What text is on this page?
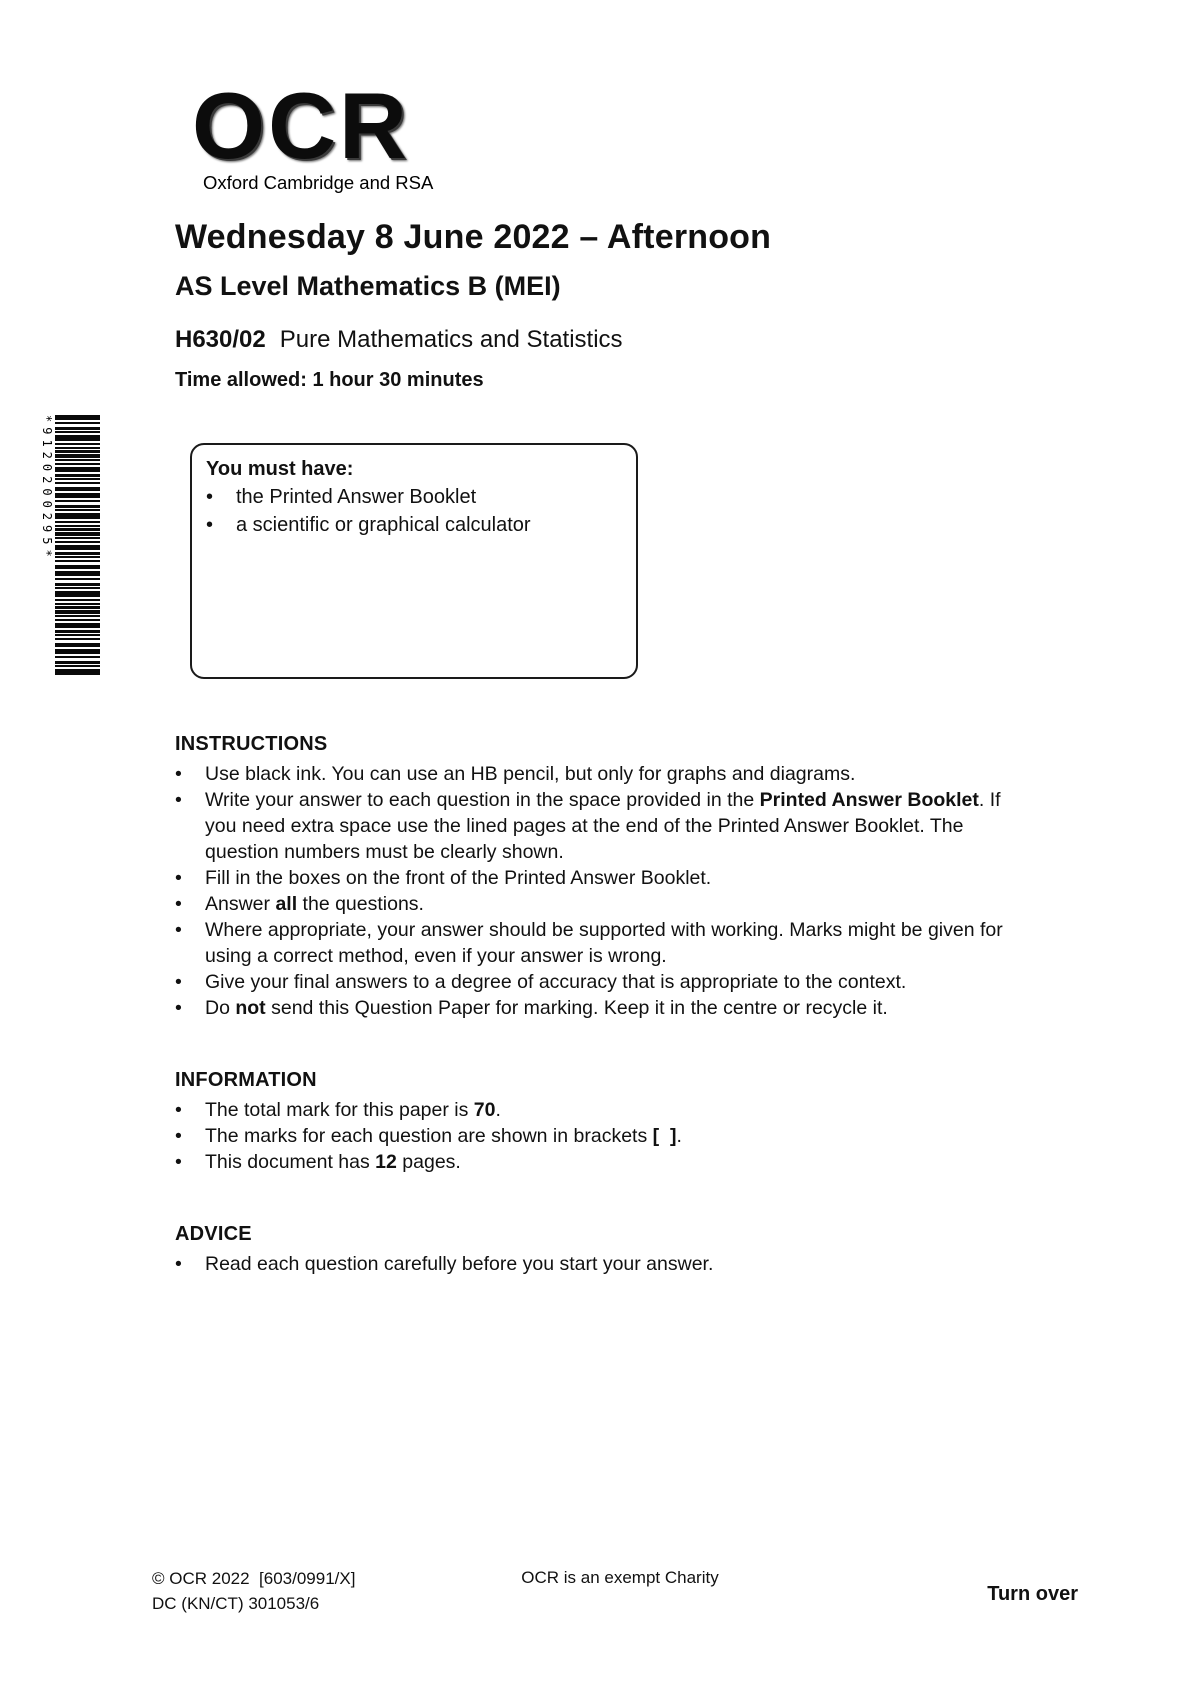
OCR
Oxford Cambridge and RSA
Wednesday 8 June 2022 – Afternoon
AS Level Mathematics B (MEI)
H630/02 Pure Mathematics and Statistics
Time allowed: 1 hour 30 minutes
*9120200295*	You must have:
•	the Printed Answer Booklet
•	a scientific or graphical calculator
INSTRUCTIONS
•	Use black ink. You can use an HB pencil, but only for graphs and diagrams.
•	Write your answer to each question in the space provided in the Printed Answer Booklet. If you need extra space use the lined pages at the end of the Printed Answer Booklet. The question numbers must be clearly shown.
•	Fill in the boxes on the front of the Printed Answer Booklet.
•	Answer all the questions.
•	Where appropriate, your answer should be supported with working. Marks might be given for using a correct method, even if your answer is wrong.
•	Give your final answers to a degree of accuracy that is appropriate to the context.
•	Do not send this Question Paper for marking. Keep it in the centre or recycle it.
INFORMATION
•	The total mark for this paper is 70.
•	The marks for each question are shown in brackets [  ].
•	This document has 12 pages.
ADVICE
•	Read each question carefully before you start your answer.
© OCR 2022  [603/0991/X]
DC (KN/CT) 301053/6
OCR is an exempt Charity
Turn over
